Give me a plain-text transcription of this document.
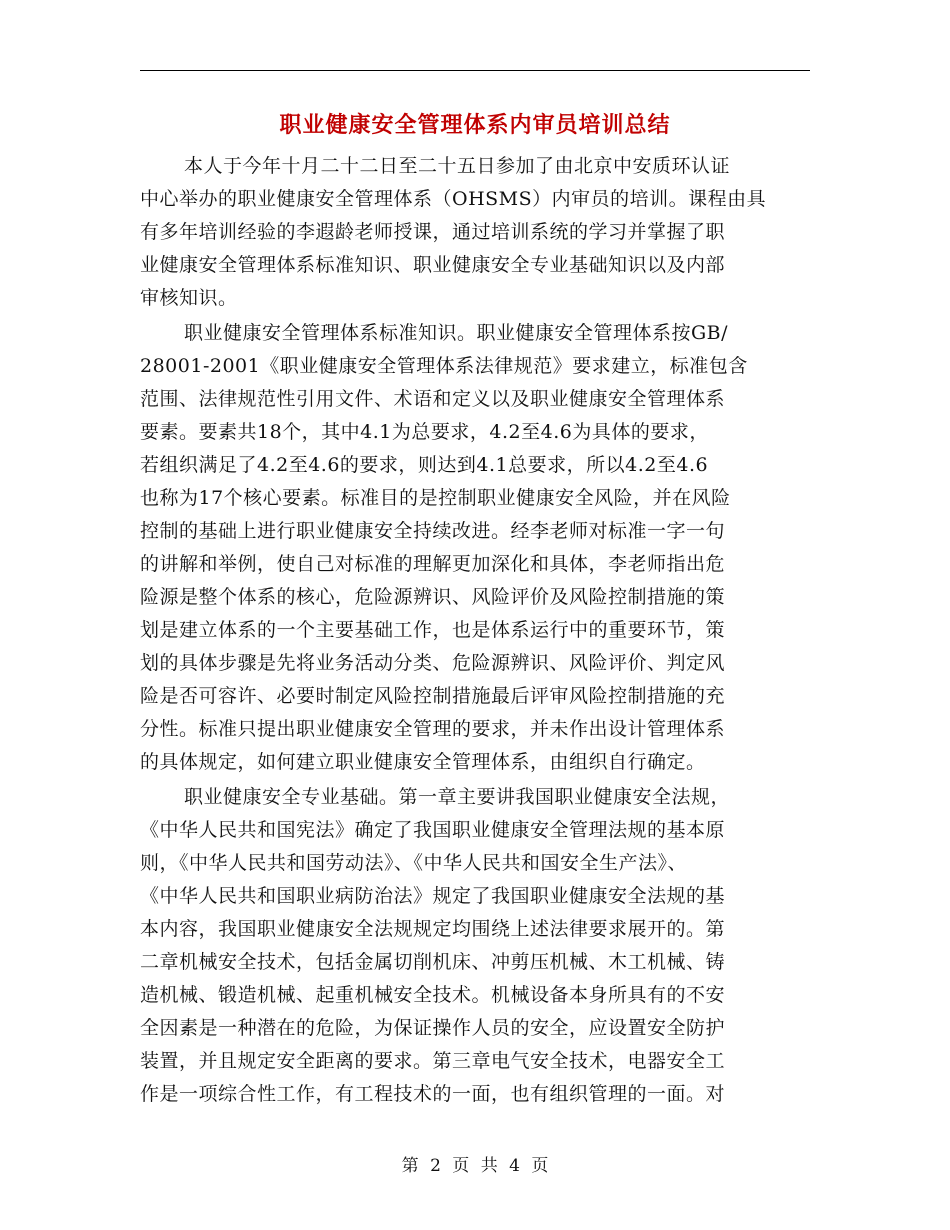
职业健康安全管理体系内审员培训总结
本人于今年十月二十二日至二十五日参加了由北京中安质环认证
中心举办的职业健康安全管理体系（OHSMS）内审员的培训。课程由具
有多年培训经验的李遐龄老师授课，通过培训系统的学习并掌握了职
业健康安全管理体系标准知识、职业健康安全专业基础知识以及内部
审核知识。
职业健康安全管理体系标准知识。职业健康安全管理体系按GB/
28001-2001《职业健康安全管理体系法律规范》要求建立，标准包含
范围、法律规范性引用文件、术语和定义以及职业健康安全管理体系
要素。要素共18个，其中4.1为总要求，4.2至4.6为具体的要求，
若组织满足了4.2至4.6的要求，则达到4.1总要求，所以4.2至4.6
也称为17个核心要素。标准目的是控制职业健康安全风险，并在风险
控制的基础上进行职业健康安全持续改进。经李老师对标准一字一句
的讲解和举例，使自己对标准的理解更加深化和具体，李老师指出危
险源是整个体系的核心，危险源辨识、风险评价及风险控制措施的策
划是建立体系的一个主要基础工作，也是体系运行中的重要环节，策
划的具体步骤是先将业务活动分类、危险源辨识、风险评价、判定风
险是否可容许、必要时制定风险控制措施最后评审风险控制措施的充
分性。标准只提出职业健康安全管理的要求，并未作出设计管理体系
的具体规定，如何建立职业健康安全管理体系，由组织自行确定。
职业健康安全专业基础。第一章主要讲我国职业健康安全法规，
《中华人民共和国宪法》确定了我国职业健康安全管理法规的基本原
则，《中华人民共和国劳动法》、《中华人民共和国安全生产法》、
《中华人民共和国职业病防治法》规定了我国职业健康安全法规的基
本内容，我国职业健康安全法规规定均围绕上述法律要求展开的。第
二章机械安全技术，包括金属切削机床、冲剪压机械、木工机械、铸
造机械、锻造机械、起重机械安全技术。机械设备本身所具有的不安
全因素是一种潜在的危险，为保证操作人员的安全，应设置安全防护
装置，并且规定安全距离的要求。第三章电气安全技术，电器安全工
作是一项综合性工作，有工程技术的一面，也有组织管理的一面。对
第 2 页 共 4 页
